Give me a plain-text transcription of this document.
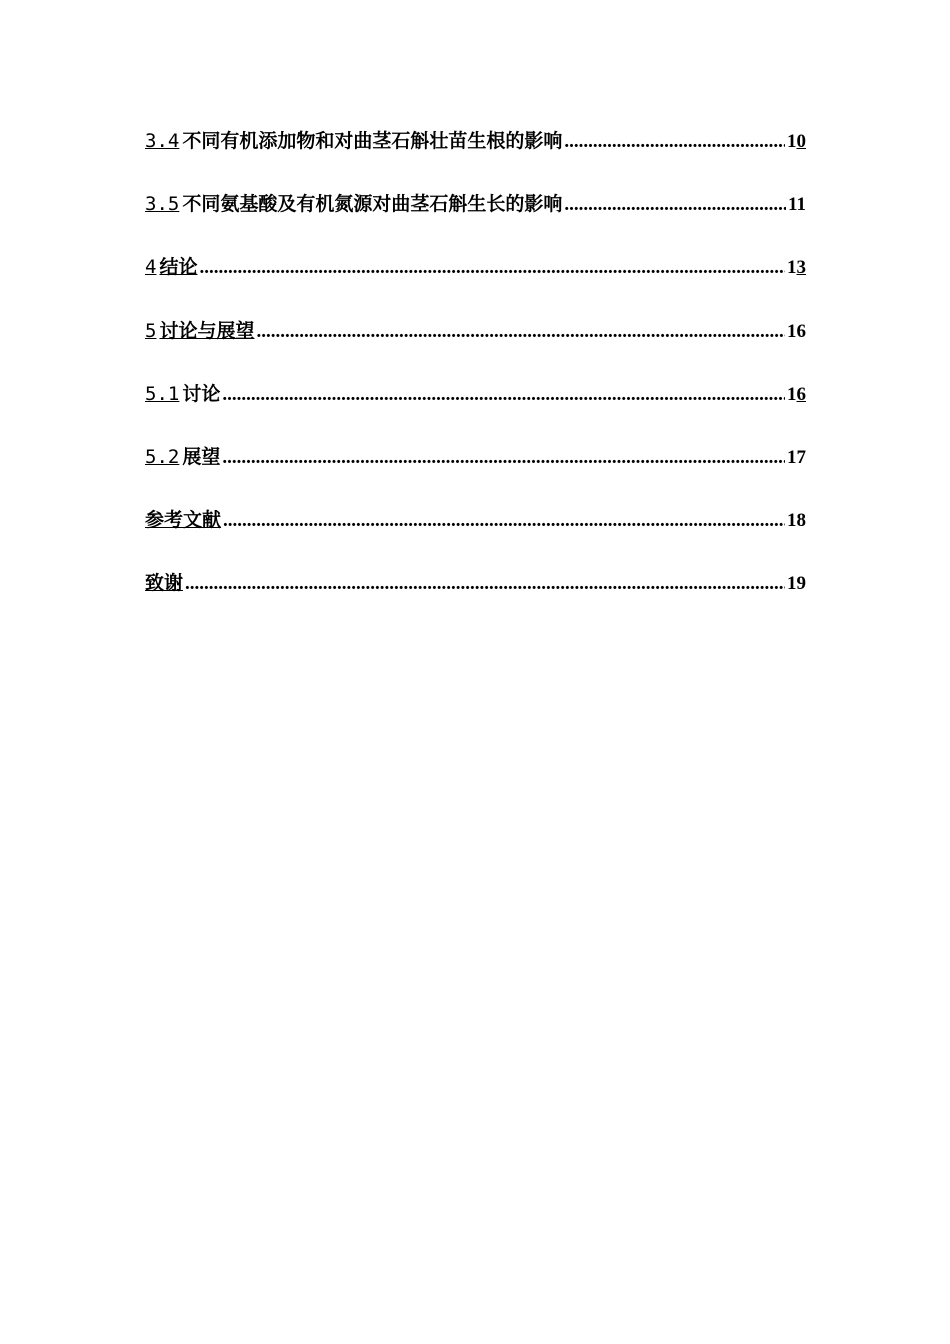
3.4 不同有机添加物和对曲茎石斛壮苗生根的影响 .....	10
3.5 不同氨基酸及有机氮源对曲茎石斛生长的影响 .....	11
4 结论 .....	13
5 讨论与展望 .....	16
5.1 讨论 .....	16
5.2 展望 .....	17
参考文献 .....	18
致谢 .....	19
